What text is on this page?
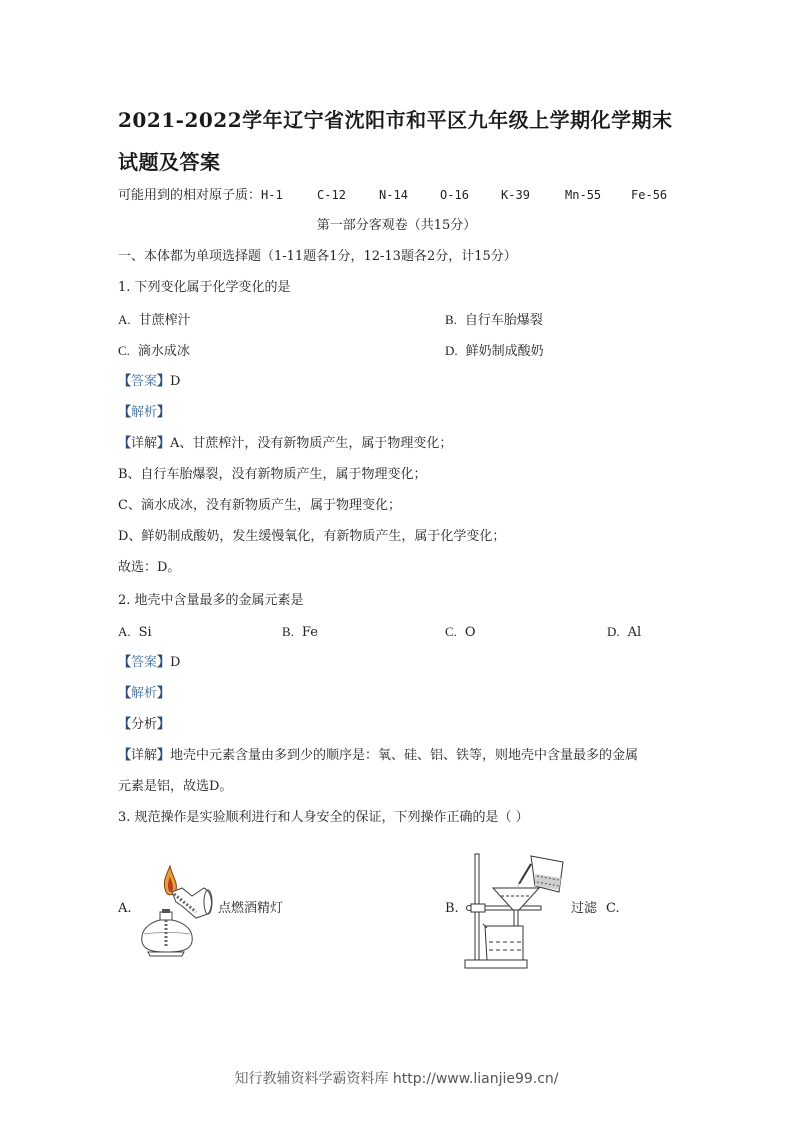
2021-2022学年辽宁省沈阳市和平区九年级上学期化学期末
试题及答案
可能用到的相对原子质：H-1	C-12	N-14	O-16	K-39	Mn-55 Fe-56
第一部分客观卷（共15分）
一、本体都为单项选择题（1-11题各1分，12-13题各2分，计15分）
1. 下列变化属于化学变化的是
A. 甘蔗榨汁	B. 自行车胎爆裂
C. 滴水成冰	D. 鲜奶制成酸奶
【答案】D
【解析】
【详解】A、甘蔗榨汁，没有新物质产生，属于物理变化；
B、自行车胎爆裂，没有新物质产生，属于物理变化；
C、滴水成冰，没有新物质产生，属于物理变化；
D、鲜奶制成酸奶，发生缓慢氧化，有新物质产生，属于化学变化；
故选：D。
2. 地壳中含量最多的金属元素是
A. Si	B. Fe	C. O	D. Al
【答案】D
【解析】
【分析】
【详解】地壳中元素含量由多到少的顺序是：氧、硅、铝、铁等，则地壳中含量最多的金属
元素是铝，故选D。
3. 规范操作是实验顺利进行和人身安全的保证，下列操作正确的是（ ）
A.	点燃酒精灯	B.	过滤 C.
知行教辅资料学霸资料库 http://www.lianjie99.cn/
